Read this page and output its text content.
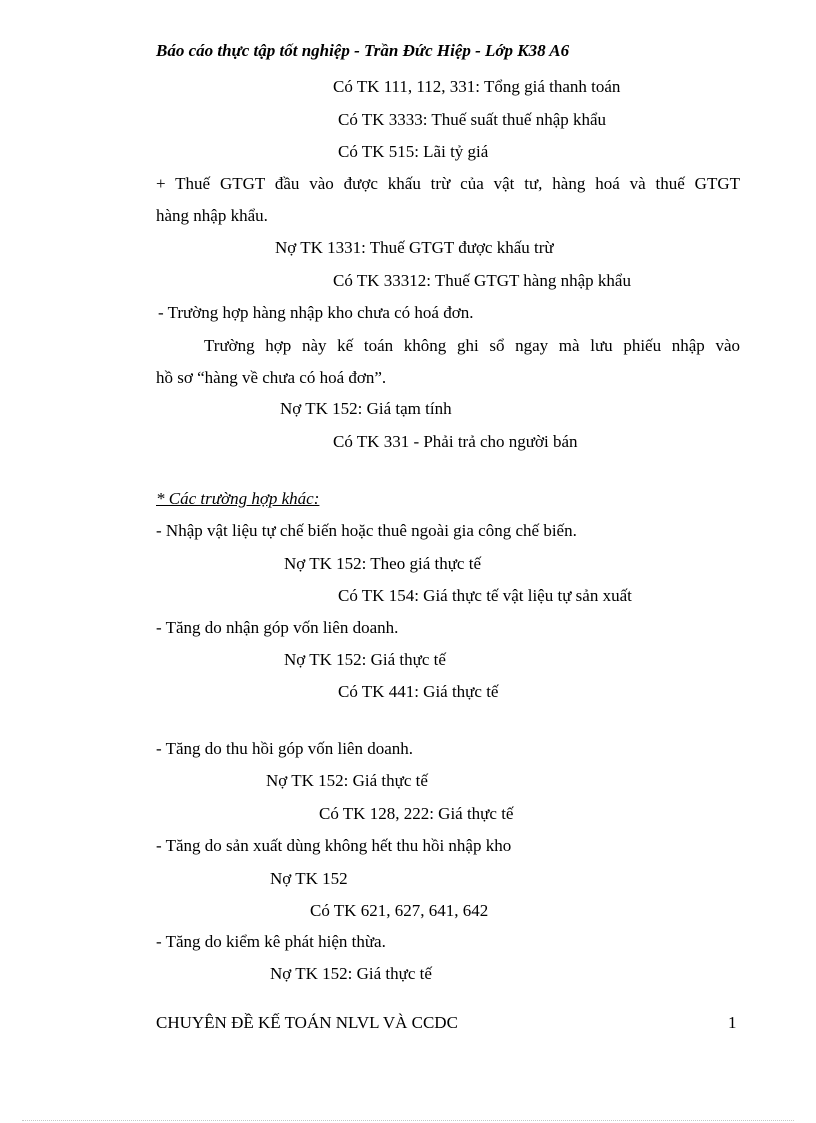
Báo cáo thực tập tốt nghiệp - Trần Đức Hiệp - Lớp K38 A6
Có TK 111, 112, 331: Tổng giá thanh toán
Có TK 3333: Thuế suất thuế nhập khẩu
Có TK 515: Lãi tỷ giá
+ Thuế GTGT đầu vào được khấu trừ của vật tư, hàng hoá và thuế GTGT
hàng nhập khẩu.
Nợ TK 1331: Thuế GTGT được khấu trừ
Có TK 33312: Thuế GTGT hàng nhập khẩu
- Trường hợp hàng nhập kho chưa có hoá đơn.
Trường hợp này kế toán không ghi sổ ngay mà lưu phiếu nhập vào
hồ sơ “hàng về chưa có hoá đơn”.
Nợ TK 152: Giá tạm tính
Có TK 331 - Phải trả cho người bán
* Các trường hợp khác:
- Nhập vật liệu tự chế biến hoặc thuê ngoài gia công chế biến.
Nợ TK 152: Theo giá thực tế
Có TK 154: Giá thực tế vật liệu tự sản xuất
- Tăng do nhận góp vốn liên doanh.
Nợ TK 152: Giá thực tế
Có TK 441: Giá thực tế
- Tăng do thu hồi góp vốn liên doanh.
Nợ TK 152: Giá thực tế
Có TK 128, 222: Giá thực tế
- Tăng do sản xuất dùng không hết thu hồi nhập kho
Nợ TK 152
Có TK 621, 627, 641, 642
- Tăng do kiểm kê phát hiện thừa.
Nợ TK 152: Giá thực tế
CHUYÊN ĐỀ KẾ TOÁN NLVL VÀ CCDC	1
